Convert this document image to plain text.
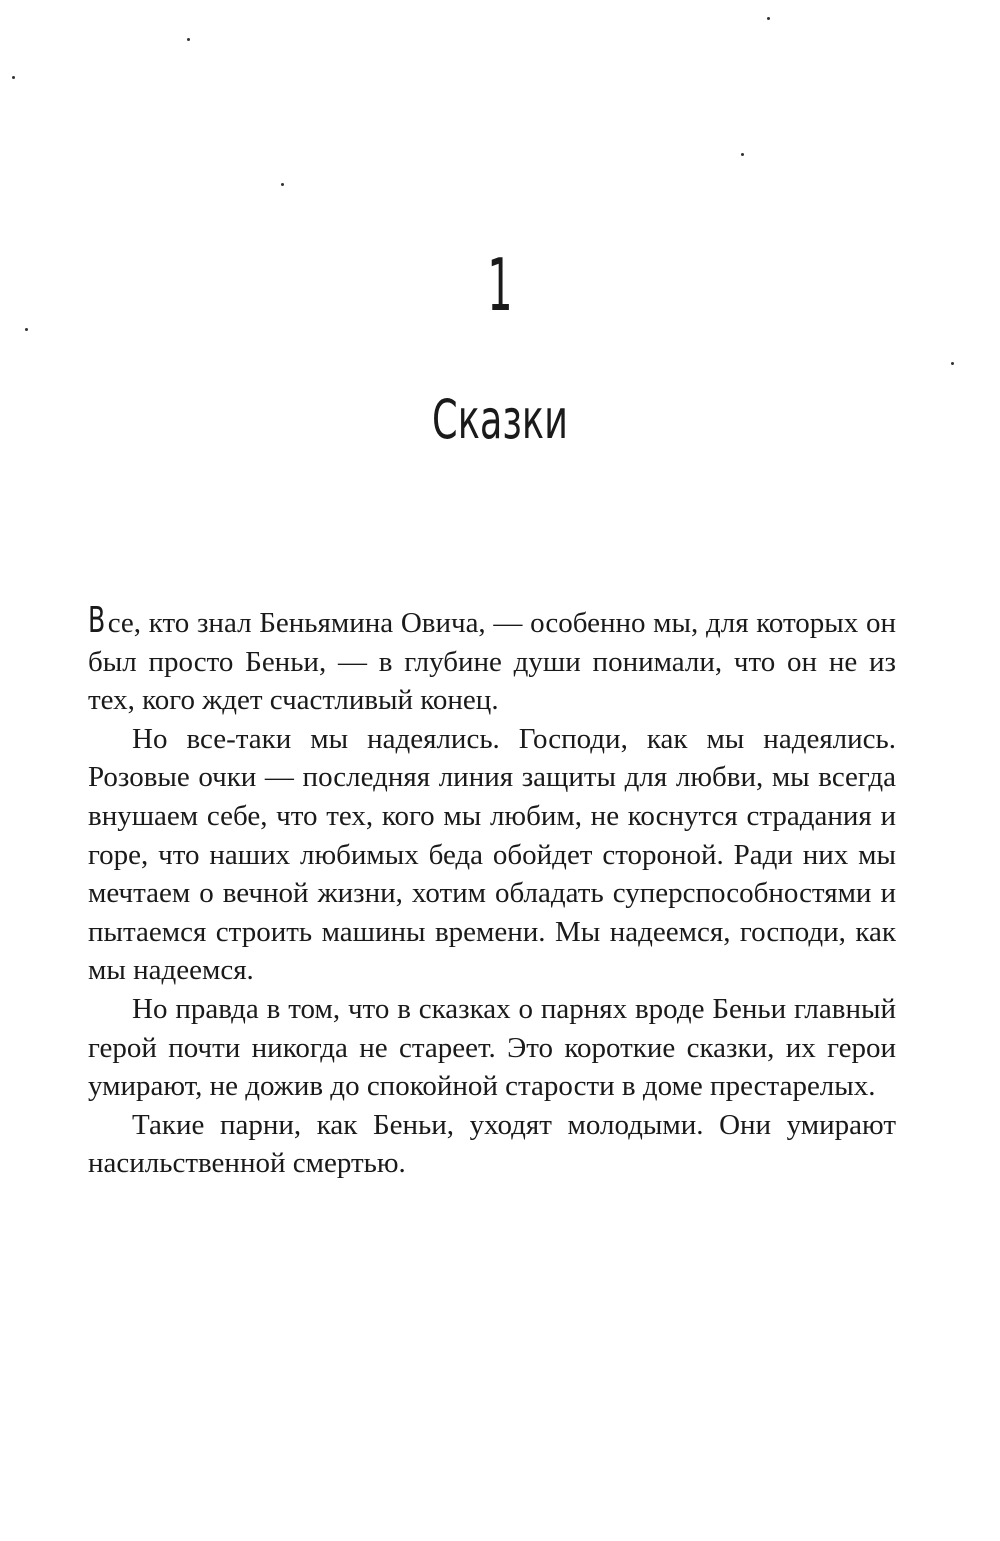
1
Сказки

Все, кто знал Беньямина Овича, — особенно мы, для которых он был просто Беньи, — в глубине души понимали, что он не из тех, кого ждет счастливый конец.

Но все-таки мы надеялись. Господи, как мы надеялись. Розовые очки — последняя линия защиты для любви, мы всегда внушаем себе, что тех, кого мы любим, не коснутся страдания и горе, что наших любимых беда обойдет стороной. Ради них мы мечтаем о вечной жизни, хотим обладать суперспособностями и пытаемся строить машины времени. Мы надеемся, господи, как мы надеемся.

Но правда в том, что в сказках о парнях вроде Беньи главный герой почти никогда не стареет. Это короткие сказки, их герои умирают, не дожив до спокойной старости в доме престарелых.

Такие парни, как Беньи, уходят молодыми. Они умирают насильственной смертью.
